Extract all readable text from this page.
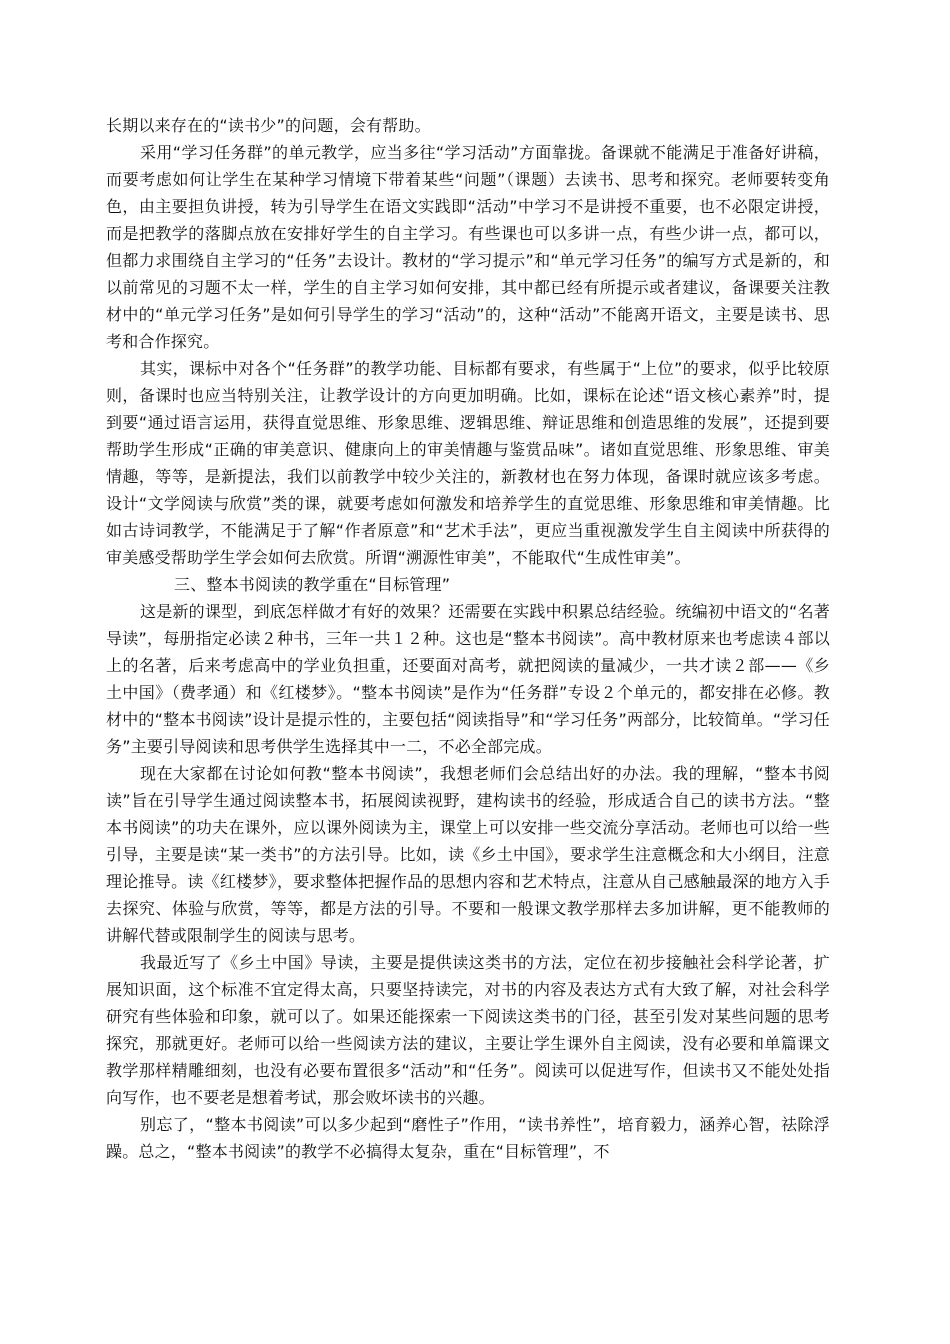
长期以来存在的“读书少”的问题，会有帮助。

采用“学习任务群”的单元教学，应当多往“学习活动”方面靠拢。备课就不能满足于准备好讲稿，而要考虑如何让学生在某种学习情境下带着某些“问题”（课题）去读书、思考和探究。老师要转变角色，由主要担负讲授，转为引导学生在语文实践即“活动”中学习不是讲授不重要，也不必限定讲授，而是把教学的落脚点放在安排好学生的自主学习。有些课也可以多讲一点，有些少讲一点，都可以，但都力求围绕自主学习的“任务”去设计。教材的“学习提示”和“单元学习任务”的编写方式是新的，和以前常见的习题不太一样，学生的自主学习如何安排，其中都已经有所提示或者建议，备课要关注教材中的“单元学习任务”是如何引导学生的学习“活动”的，这种“活动”不能离开语文，主要是读书、思考和合作探究。

其实，课标中对各个“任务群”的教学功能、目标都有要求，有些属于“上位”的要求，似乎比较原则，备课时也应当特别关注，让教学设计的方向更加明确。比如，课标在论述“语文核心素养”时，提到要“通过语言运用，获得直觉思维、形象思维、逻辑思维、辩证思维和创造思维的发展”，还提到要帮助学生形成“正确的审美意识、健康向上的审美情趣与鉴赏品味”。诸如直觉思维、形象思维、审美情趣，等等，是新提法，我们以前教学中较少关注的，新教材也在努力体现，备课时就应该多考虑。设计“文学阅读与欣赏”类的课，就要考虑如何激发和培养学生的直觉思维、形象思维和审美情趣。比如古诗词教学，不能满足于了解“作者原意”和“艺术手法”，更应当重视激发学生自主阅读中所获得的审美感受帮助学生学会如何去欣赏。所谓“溯源性审美”，不能取代“生成性审美”。

三、整本书阅读的教学重在“目标管理”

这是新的课型，到底怎样做才有好的效果？还需要在实践中积累总结经验。统编初中语文的“名著导读”，每册指定必读２种书，三年一共１２种。这也是“整本书阅读”。高中教材原来也考虑读４部以上的名著，后来考虑高中的学业负担重，还要面对高考，就把阅读的量减少，一共才读２部——《乡土中国》（费孝通）和《红楼梦》。“整本书阅读”是作为“任务群”专设２个单元的，都安排在必修。教材中的“整本书阅读”设计是提示性的，主要包括“阅读指导”和“学习任务”两部分，比较简单。“学习任务”主要引导阅读和思考供学生选择其中一二，不必全部完成。

现在大家都在讨论如何教“整本书阅读”，我想老师们会总结出好的办法。我的理解，“整本书阅读”旨在引导学生通过阅读整本书，拓展阅读视野，建构读书的经验，形成适合自己的读书方法。“整本书阅读”的功夫在课外，应以课外阅读为主，课堂上可以安排一些交流分享活动。老师也可以给一些引导，主要是读“某一类书”的方法引导。比如，读《乡土中国》，要求学生注意概念和大小纲目，注意理论推导。读《红楼梦》，要求整体把握作品的思想内容和艺术特点，注意从自己感触最深的地方入手去探究、体验与欣赏，等等，都是方法的引导。不要和一般课文教学那样去多加讲解，更不能教师的讲解代替或限制学生的阅读与思考。

我最近写了《乡土中国》导读，主要是提供读这类书的方法，定位在初步接触社会科学论著，扩展知识面，这个标准不宜定得太高，只要坚持读完，对书的内容及表达方式有大致了解，对社会科学研究有些体验和印象，就可以了。如果还能探索一下阅读这类书的门径，甚至引发对某些问题的思考探究，那就更好。老师可以给一些阅读方法的建议，主要让学生课外自主阅读，没有必要和单篇课文教学那样精雕细刻，也没有必要布置很多“活动”和“任务”。阅读可以促进写作，但读书又不能处处指向写作，也不要老是想着考试，那会败坏读书的兴趣。

别忘了，“整本书阅读”可以多少起到“磨性子”作用，“读书养性”，培育毅力，涵养心智，祛除浮躁。总之，“整本书阅读”的教学不必搞得太复杂，重在“目标管理”，不
